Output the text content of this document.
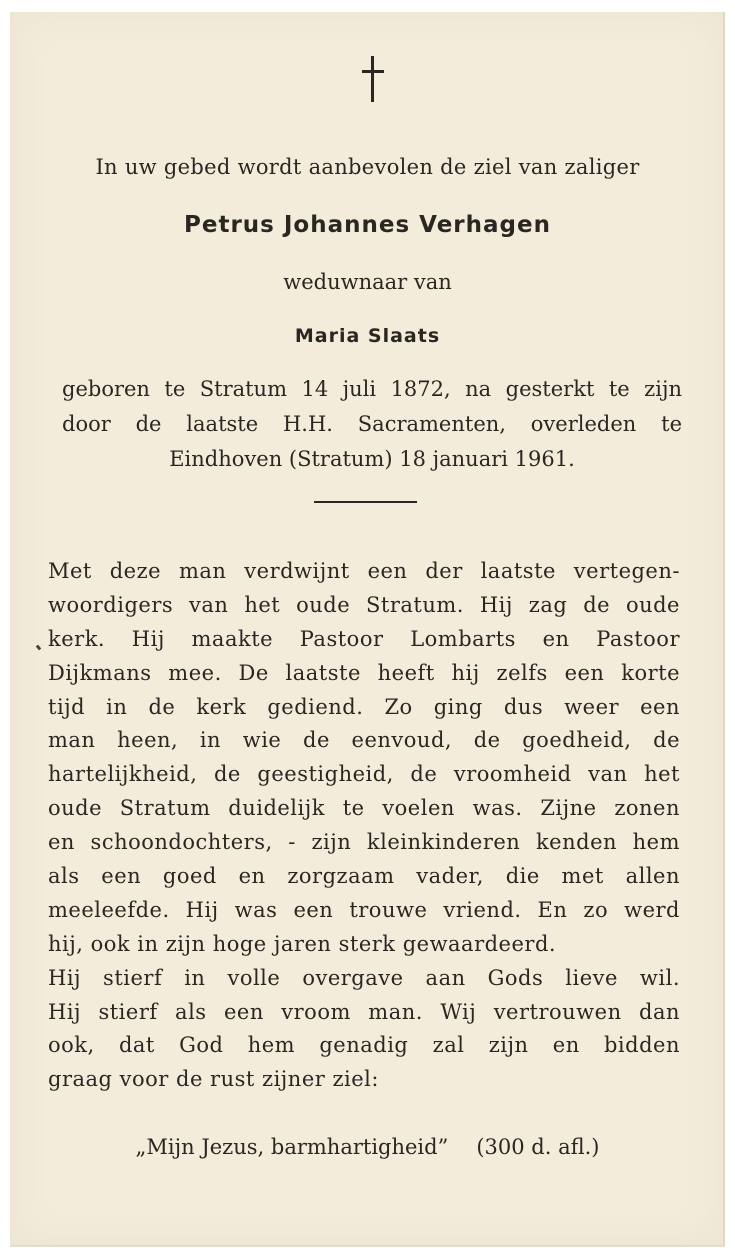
In uw gebed wordt aanbevolen de ziel van zaliger
Petrus Johannes Verhagen
weduwnaar van
Maria Slaats
geboren te Stratum 14 juli 1872, na gesterkt te zijn
door de laatste H.H. Sacramenten, overleden te
Eindhoven (Stratum) 18 januari 1961.
Met deze man verdwijnt een der laatste vertegen-
woordigers van het oude Stratum. Hij zag de oude
kerk. Hij maakte Pastoor Lombarts en Pastoor
Dijkmans mee. De laatste heeft hij zelfs een korte
tijd in de kerk gediend. Zo ging dus weer een
man heen, in wie de eenvoud, de goedheid, de
hartelijkheid, de geestigheid, de vroomheid van het
oude Stratum duidelijk te voelen was. Zijne zonen
en schoondochters, - zijn kleinkinderen kenden hem
als een goed en zorgzaam vader, die met allen
meeleefde. Hij was een trouwe vriend. En zo werd
hij, ook in zijn hoge jaren sterk gewaardeerd.
Hij stierf in volle overgave aan Gods lieve wil.
Hij stierf als een vroom man. Wij vertrouwen dan
ook, dat God hem genadig zal zijn en bidden
graag voor de rust zijner ziel:
„Mijn Jezus, barmhartigheid” (300 d. afl.)
